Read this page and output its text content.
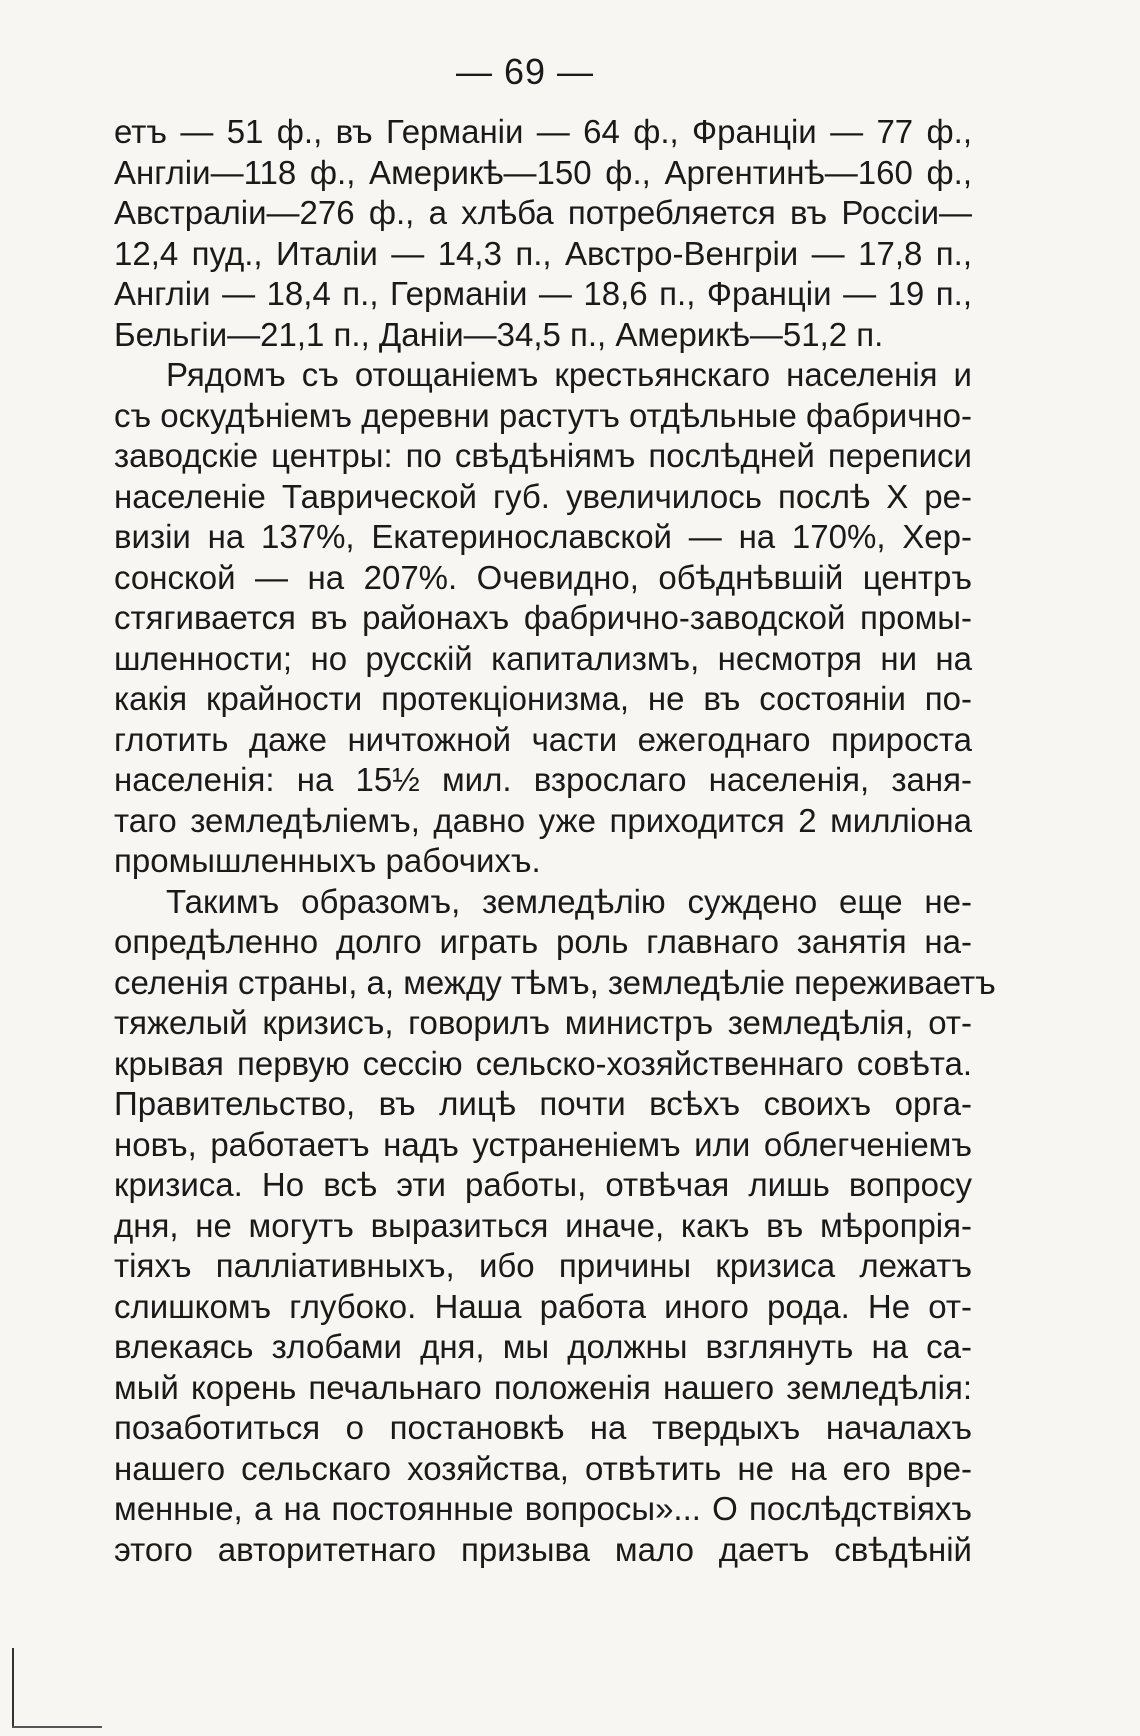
— 69 —
етъ — 51 ф., въ Германіи — 64 ф., Франціи — 77 ф.,
Англіи—118 ф., Америкѣ—150 ф., Аргентинѣ—160 ф.,
Австраліи—276 ф., а хлѣба потребляется въ Россіи—
12,4 пуд., Италіи — 14,3 п., Австро-Венгріи — 17,8 п.,
Англіи — 18,4 п., Германіи — 18,6 п., Франціи — 19 п.,
Бельгіи—21,1 п., Даніи—34,5 п., Америкѣ—51,2 п.
Рядомъ съ отощаніемъ крестьянскаго населенія и
съ оскудѣніемъ деревни растутъ отдѣльные фабрично-
заводскіе центры: по свѣдѣніямъ послѣдней переписи
населеніе Таврической губ. увеличилось послѣ X ре-
визіи на 137%, Екатеринославской — на 170%, Хер-
сонской — на 207%. Очевидно, обѣднѣвшій центръ
стягивается въ районахъ фабрично-заводской промы-
шленности; но русскій капитализмъ, несмотря ни на
какія крайности протекціонизма, не въ состояніи по-
глотить даже ничтожной части ежегоднаго прироста
населенія: на 15½ мил. взрослаго населенія, заня-
таго земледѣліемъ, давно уже приходится 2 милліона
промышленныхъ рабочихъ.
Такимъ образомъ, земледѣлію суждено еще не-
опредѣленно долго играть роль главнаго занятія на-
селенія страны, а, между тѣмъ, земледѣліе переживаетъ
тяжелый кризисъ, говорилъ министръ земледѣлія, от-
крывая первую сессію сельско-хозяйственнаго совѣта.
Правительство, въ лицѣ почти всѣхъ своихъ орга-
новъ, работаетъ надъ устраненіемъ или облегченіемъ
кризиса. Но всѣ эти работы, отвѣчая лишь вопросу
дня, не могутъ выразиться иначе, какъ въ мѣропрія-
тіяхъ палліативныхъ, ибо причины кризиса лежатъ
слишкомъ глубоко. Наша работа иного рода. Не от-
влекаясь злобами дня, мы должны взглянуть на са-
мый корень печальнаго положенія нашего земледѣлія:
позаботиться о постановкѣ на твердыхъ началахъ
нашего сельскаго хозяйства, отвѣтить не на его вре-
менные, а на постоянные вопросы»... О послѣдствіяхъ
этого авторитетнаго призыва мало даетъ свѣдѣній
